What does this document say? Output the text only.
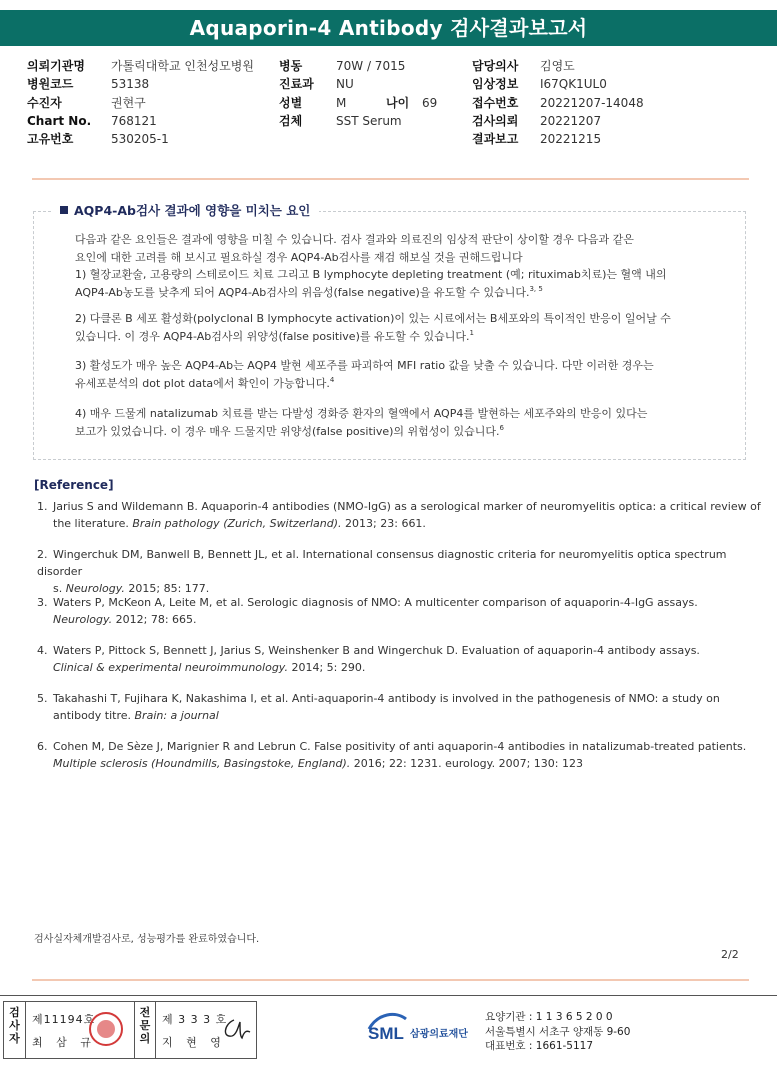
Aquaporin-4 Antibody 검사결과보고서
의뢰기관명	가톨릭대학교 인천성모병원
병원코드	53138
수진자	권현구
Chart No.	768121
고유번호	530205-1
병동	70W / 7015
진료과	NU
성별	M	나이	69
검체	SST Serum
담당의사	김영도
임상정보	I67QK1UL0
접수번호	20221207-14048
검사의뢰	20221207
결과보고	20221215
AQP4-Ab검사 결과에 영향을 미치는 요인
다음과 같은 요인들은 결과에 영향을 미칠 수 있습니다. 검사 결과와 의료진의 임상적 판단이 상이할 경우 다음과 같은
요인에 대한 고려를 해 보시고 필요하실 경우 AQP4-Ab검사를 재검 해보실 것을 권해드립니다
1) 혈장교환술, 고용량의 스테로이드 치료 그리고 B lymphocyte depleting treatment (예; rituximab치료)는 혈액 내의
AQP4-Ab농도를 낮추게 되어 AQP4-Ab검사의 위음성(false negative)을 유도할 수 있습니다.$^{3, 5}$
2) 다클론 B 세포 활성화(polyclonal B lymphocyte activation)이 있는 시료에서는 B세포와의 특이적인 반응이 일어날 수
있습니다. 이 경우 AQP4-Ab검사의 위양성(false positive)를 유도할 수 있습니다.$^1$
3) 활성도가 매우 높은 AQP4-Ab는 AQP4 발현 세포주를 파괴하여 MFI ratio 값을 낮출 수 있습니다. 다만 이러한 경우는
유세포분석의 dot plot data에서 확인이 가능합니다.$^4$
4) 매우 드물게 natalizumab 치료를 받는 다발성 경화증 환자의 혈액에서 AQP4를 발현하는 세포주와의 반응이 있다는
보고가 있었습니다. 이 경우 매우 드물지만 위양성(false positive)의 위험성이 있습니다.$^6$
[Reference]
1. Jarius S and Wildemann B. Aquaporin-4 antibodies (NMO-IgG) as a serological marker of neuromyelitis optica: a critical review of
the literature. Brain pathology (Zurich, Switzerland). 2013; 23: 661.
2. Wingerchuk DM, Banwell B, Bennett JL, et al. International consensus diagnostic criteria for neuromyelitis optica spectrum disorder
s. Neurology. 2015; 85: 177.
3. Waters P, McKeon A, Leite M, et al. Serologic diagnosis of NMO: A multicenter comparison of aquaporin-4-IgG assays.
Neurology. 2012; 78: 665.
4. Waters P, Pittock S, Bennett J, Jarius S, Weinshenker B and Wingerchuk D. Evaluation of aquaporin-4 antibody assays.
Clinical & experimental neuroimmunology. 2014; 5: 290.
5. Takahashi T, Fujihara K, Nakashima I, et al. Anti-aquaporin-4 antibody is involved in the pathogenesis of NMO: a study on
antibody titre. Brain: a journal
6. Cohen M, De Sèze J, Marignier R and Lebrun C. False positivity of anti aquaporin-4 antibodies in natalizumab-treated patients.
Multiple sclerosis (Houndmills, Basingstoke, England). 2016; 22: 1231. eurology. 2007; 130: 123
검사실자체개발검사로, 성능평가를 완료하였습니다.
2/2
검사자
제11194호
최 삼 규
전문의
제 3 3 3 호
지 현 영	SML 삼광의료재단
요양기관 : 1 1 3 6 5 2 0 0
서울특별시 서초구 양재동 9-60
대표번호 : 1661-5117
